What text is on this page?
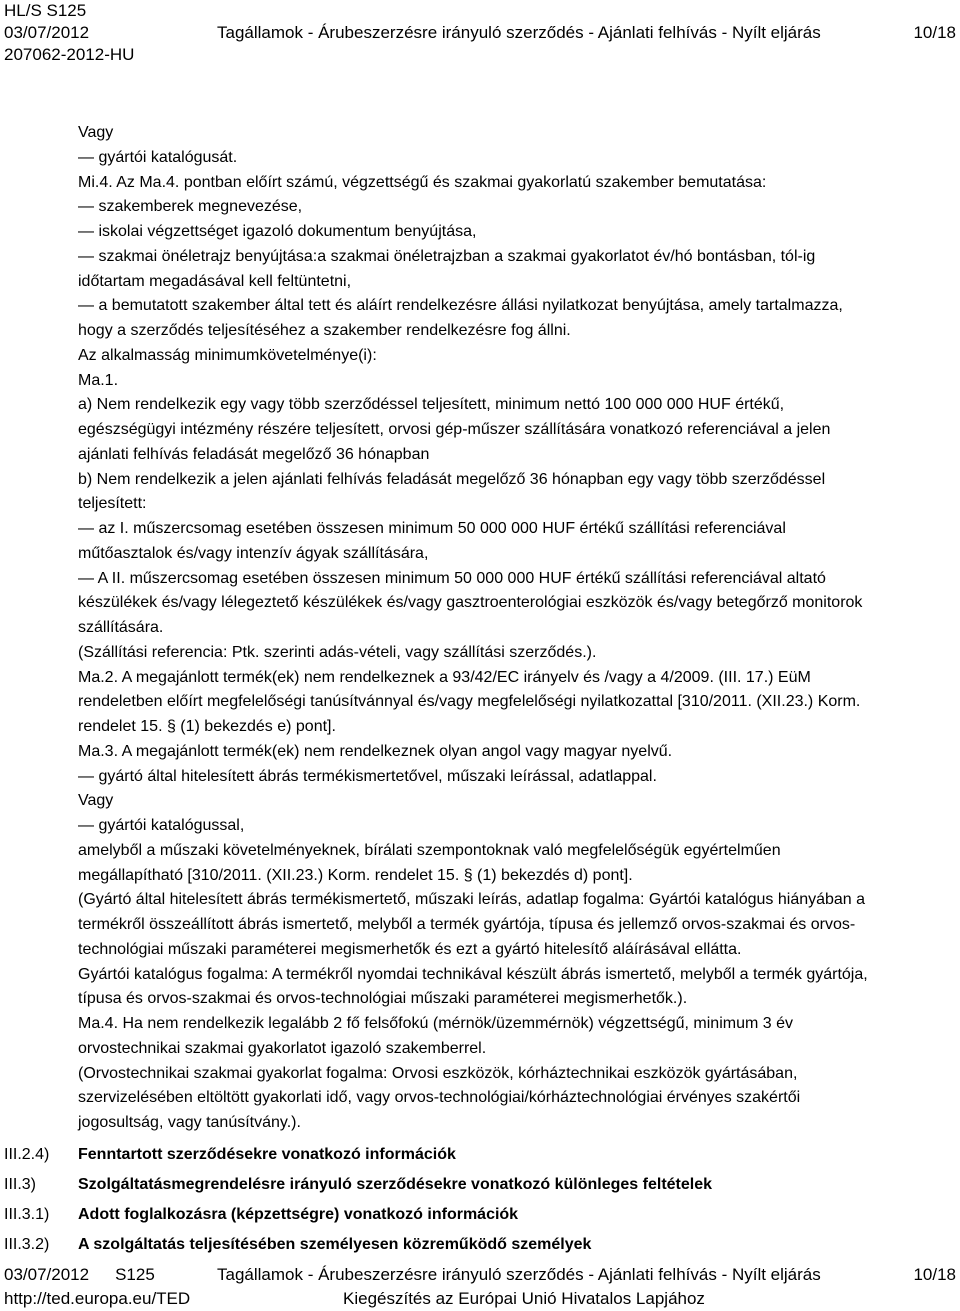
HL/S S125
03/07/2012
207062-2012-HU
Tagállamok - Árubeszerzésre irányuló szerződés - Ajánlati felhívás - Nyílt eljárás	10/18
Vagy
— gyártói katalógusát.
Mi.4. Az Ma.4. pontban előírt számú, végzettségű és szakmai gyakorlatú szakember bemutatása:
— szakemberek megnevezése,
— iskolai végzettséget igazoló dokumentum benyújtása,
— szakmai önéletrajz benyújtása:a szakmai önéletrajzban a szakmai gyakorlatot év/hó bontásban, tól-ig
időtartam megadásával kell feltüntetni,
— a bemutatott szakember által tett és aláírt rendelkezésre állási nyilatkozat benyújtása, amely tartalmazza,
hogy a szerződés teljesítéséhez a szakember rendelkezésre fog állni.
Az alkalmasság minimumkövetelménye(i):
Ma.1.
a) Nem rendelkezik egy vagy több szerződéssel teljesített, minimum nettó 100 000 000 HUF értékű,
egészségügyi intézmény részére teljesített, orvosi gép-műszer szállítására vonatkozó referenciával a jelen
ajánlati felhívás feladását megelőző 36 hónapban
b) Nem rendelkezik a jelen ajánlati felhívás feladását megelőző 36 hónapban egy vagy több szerződéssel
teljesített:
— az I. műszercsomag esetében összesen minimum 50 000 000 HUF értékű szállítási referenciával
műtőasztalok és/vagy intenzív ágyak szállítására,
— A II. műszercsomag esetében összesen minimum 50 000 000 HUF értékű szállítási referenciával altató
készülékek és/vagy lélegeztető készülékek és/vagy gasztroenterológiai eszközök és/vagy betegőrző monitorok
szállítására.
(Szállítási referencia: Ptk. szerinti adás-vételi, vagy szállítási szerződés.).
Ma.2. A megajánlott termék(ek) nem rendelkeznek a 93/42/EC irányelv és /vagy a 4/2009. (III. 17.) EüM
rendeletben előírt megfelelőségi tanúsítvánnyal és/vagy megfelelőségi nyilatkozattal [310/2011. (XII.23.) Korm.
rendelet 15. § (1) bekezdés e) pont].
Ma.3. A megajánlott termék(ek) nem rendelkeznek olyan angol vagy magyar nyelvű.
— gyártó által hitelesített ábrás termékismertetővel, műszaki leírással, adatlappal.
Vagy
— gyártói katalógussal,
amelyből a műszaki követelményeknek, bírálati szempontoknak való megfelelőségük egyértelműen
megállapítható [310/2011. (XII.23.) Korm. rendelet 15. § (1) bekezdés d) pont].
(Gyártó által hitelesített ábrás termékismertető, műszaki leírás, adatlap fogalma: Gyártói katalógus hiányában a
termékről összeállított ábrás ismertető, melyből a termék gyártója, típusa és jellemző orvos-szakmai és orvos-
technológiai műszaki paraméterei megismerhetők és ezt a gyártó hitelesítő aláírásával ellátta.
Gyártói katalógus fogalma: A termékről nyomdai technikával készült ábrás ismertető, melyből a termék gyártója,
típusa és orvos-szakmai és orvos-technológiai műszaki paraméterei megismerhetők.).
Ma.4. Ha nem rendelkezik legalább 2 fő felsőfokú (mérnök/üzemmérnök) végzettségű, minimum 3 év
orvostechnikai szakmai gyakorlatot igazoló szakemberrel.
(Orvostechnikai szakmai gyakorlat fogalma: Orvosi eszközök, kórháztechnikai eszközök gyártásában,
szervizelésében eltöltött gyakorlati idő, vagy orvos-technológiai/kórháztechnológiai érvényes szakértői
jogosultság, vagy tanúsítvány.).
III.2.4) Fenntartott szerződésekre vonatkozó információk
III.3)	Szolgáltatásmegrendelésre irányuló szerződésekre vonatkozó különleges feltételek
III.3.1) Adott foglalkozásra (képzettségre) vonatkozó információk
III.3.2) A szolgáltatás teljesítésében személyesen közreműködő személyek
03/07/2012 S125
http://ted.europa.eu/TED
Tagállamok - Árubeszerzésre irányuló szerződés - Ajánlati felhívás - Nyílt eljárás
Kiegészítés az Európai Unió Hivatalos Lapjához
10/18
